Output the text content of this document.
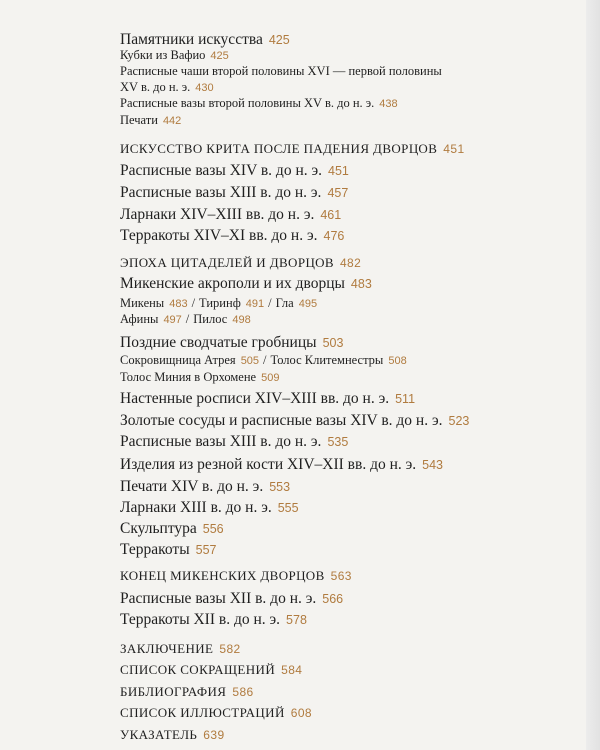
Памятники искусства 425
Кубки из Вафио 425
Расписные чаши второй половины XVI — первой половины
XV в. до н. э. 430
Расписные вазы второй половины XV в. до н. э. 438
Печати 442
ИСКУССТВО КРИТА ПОСЛЕ ПАДЕНИЯ ДВОРЦОВ 451
Расписные вазы XIV в. до н. э. 451
Расписные вазы XIII в. до н. э. 457
Ларнаки XIV–XIII вв. до н. э. 461
Терракоты XIV–XI вв. до н. э. 476
ЭПОХА ЦИТАДЕЛЕЙ И ДВОРЦОВ 482
Микенские акрополи и их дворцы 483
Микены 483 / Тиринф 491 / Гла 495
Афины 497 / Пилос 498
Поздние сводчатые гробницы 503
Сокровищница Атрея 505 / Толос Клитемнестры 508
Толос Миния в Орхомене 509
Настенные росписи XIV–XIII вв. до н. э. 511
Золотые сосуды и расписные вазы XIV в. до н. э. 523
Расписные вазы XIII в. до н. э. 535
Изделия из резной кости XIV–XII вв. до н. э. 543
Печати XIV в. до н. э. 553
Ларнаки XIII в. до н. э. 555
Скульптура 556
Терракоты 557
КОНЕЦ МИКЕНСКИХ ДВОРЦОВ 563
Расписные вазы XII в. до н. э. 566
Терракоты XII в. до н. э. 578
ЗАКЛЮЧЕНИЕ 582
СПИСОК СОКРАЩЕНИЙ 584
БИБЛИОГРАФИЯ 586
СПИСОК ИЛЛЮСТРАЦИЙ 608
УКАЗАТЕЛЬ 639
